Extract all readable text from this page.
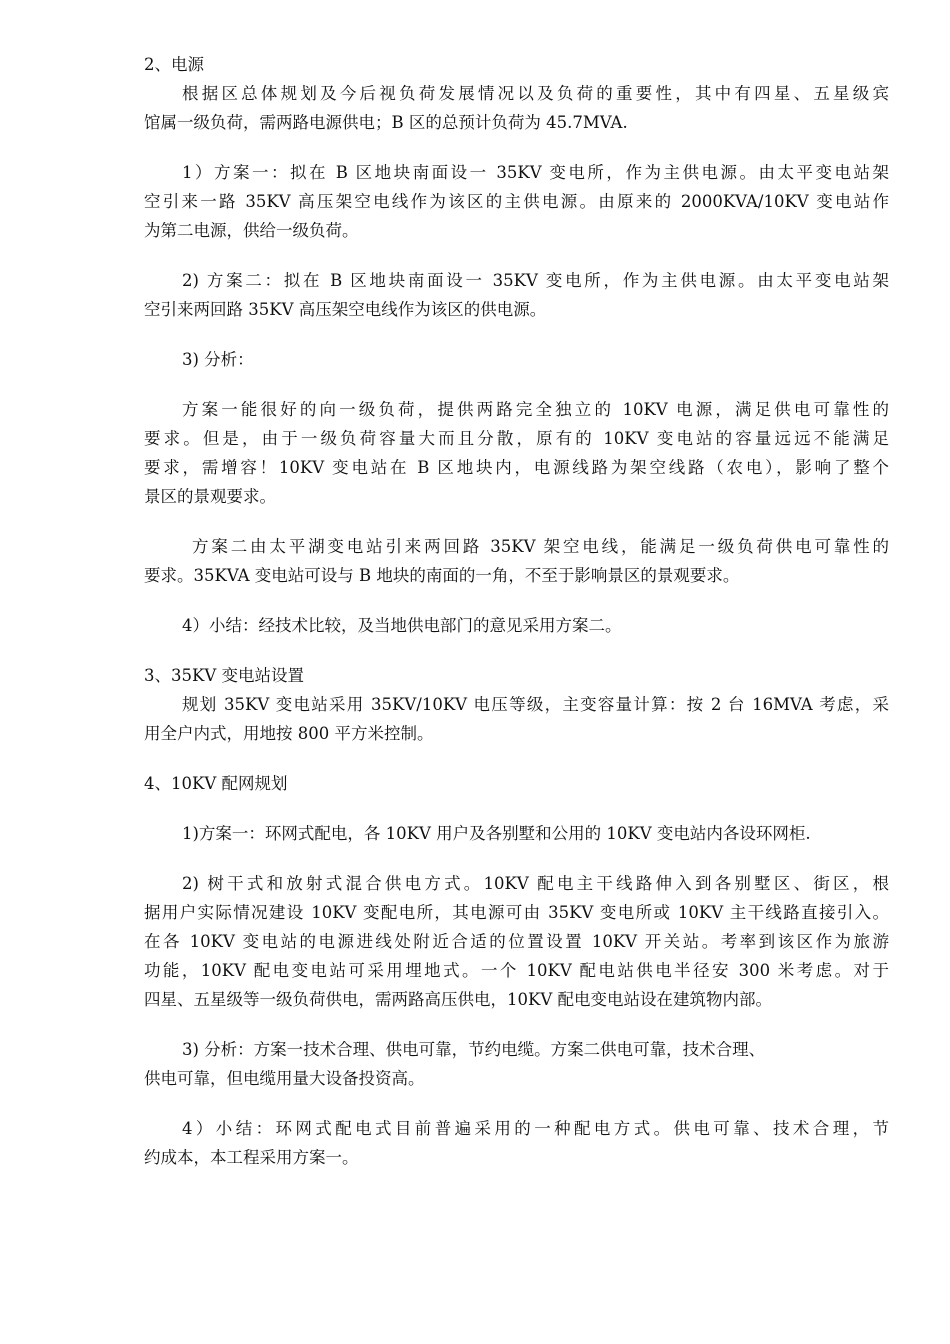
2、电源
根据区总体规划及今后视负荷发展情况以及负荷的重要性，其中有四星、五星级宾
馆属一级负荷，需两路电源供电；B 区的总预计负荷为 45.7MVA.
1）方案一：拟在 B 区地块南面设一 35KV 变电所，作为主供电源。由太平变电站架
空引来一路 35KV 高压架空电线作为该区的主供电源。由原来的 2000KVA/10KV 变电站作
为第二电源，供给一级负荷。
2) 方案二：拟在 B 区地块南面设一 35KV 变电所，作为主供电源。由太平变电站架
空引来两回路 35KV 高压架空电线作为该区的供电源。
3) 分析：
方案一能很好的向一级负荷，提供两路完全独立的 10KV 电源，满足供电可靠性的
要求。但是，由于一级负荷容量大而且分散，原有的 10KV 变电站的容量远远不能满足
要求，需增容！10KV 变电站在 B 区地块内，电源线路为架空线路（农电），影响了整个
景区的景观要求。
方案二由太平湖变电站引来两回路 35KV 架空电线，能满足一级负荷供电可靠性的
要求。35KVA 变电站可设与 B 地块的南面的一角，不至于影响景区的景观要求。
4）小结：经技术比较，及当地供电部门的意见采用方案二。
3、35KV 变电站设置
规划 35KV 变电站采用 35KV/10KV 电压等级，主变容量计算：按 2 台 16MVA 考虑，采
用全户内式，用地按 800 平方米控制。
4、10KV 配网规划
1)方案一：环网式配电，各 10KV 用户及各别墅和公用的 10KV 变电站内各设环网柜.
2) 树干式和放射式混合供电方式。10KV 配电主干线路伸入到各别墅区、街区，根
据用户实际情况建设 10KV 变配电所，其电源可由 35KV 变电所或 10KV 主干线路直接引入。
在各 10KV 变电站的电源进线处附近合适的位置设置 10KV 开关站。考率到该区作为旅游
功能，10KV 配电变电站可采用埋地式。一个 10KV 配电站供电半径安 300 米考虑。对于
四星、五星级等一级负荷供电，需两路高压供电，10KV 配电变电站设在建筑物内部。
3) 分析：方案一技术合理、供电可靠，节约电缆。方案二供电可靠，技术合理、
供电可靠，但电缆用量大设备投资高。
4）小结：环网式配电式目前普遍采用的一种配电方式。供电可靠、技术合理，节
约成本，本工程采用方案一。
